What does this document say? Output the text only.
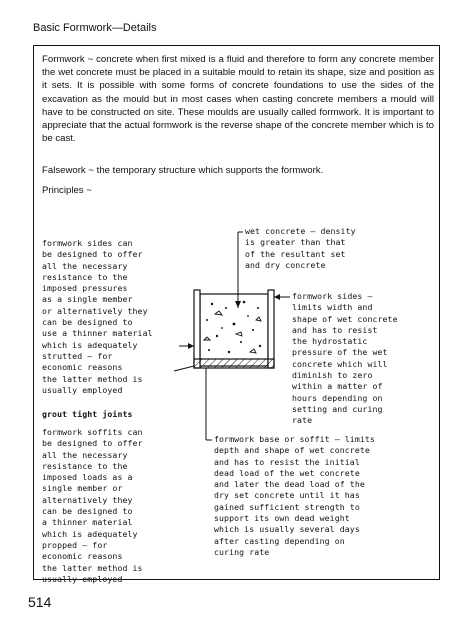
Basic Formwork—Details

Formwork ~ concrete when first mixed is a fluid and therefore to form any concrete member the wet concrete must be placed in a suitable mould to retain its shape, size and position as it sets. It is possible with some forms of concrete foundations to use the sides of the excavation as the mould but in most cases when casting concrete members a mould will have to be constructed on site. These moulds are usually called formwork. It is important to appreciate that the actual formwork is the reverse shape of the concrete member which is to be cast.

Falsework ~ the temporary structure which supports the formwork.

Principles ~

formwork sides can
be designed to offer
all the necessary
resistance to the
imposed pressures
as a single member
or alternatively they
can be designed to
use a thinner material
which is adequately
strutted — for
economic reasons
the latter method is
usually employed

grout tight joints

formwork soffits can
be designed to offer
all the necessary
resistance to the
imposed loads as a
single member or
alternatively they
can be designed to
a thinner material
which is adequately
propped — for
economic reasons
the latter method is
usually employed

wet concrete — density
is greater than that
of the resultant set
and dry concrete

formwork sides —
limits width and
shape of wet concrete
and has to resist
the hydrostatic
pressure of the wet
concrete which will
diminish to zero
within a matter of
hours depending on
setting and curing
rate

formwork base or soffit — limits
depth and shape of wet concrete
and has to resist the initial
dead load of the wet concrete
and later the dead load of the
dry set concrete until it has
gained sufficient strength to
support its own dead weight
which is usually several days
after casting depending on
curing rate

514
